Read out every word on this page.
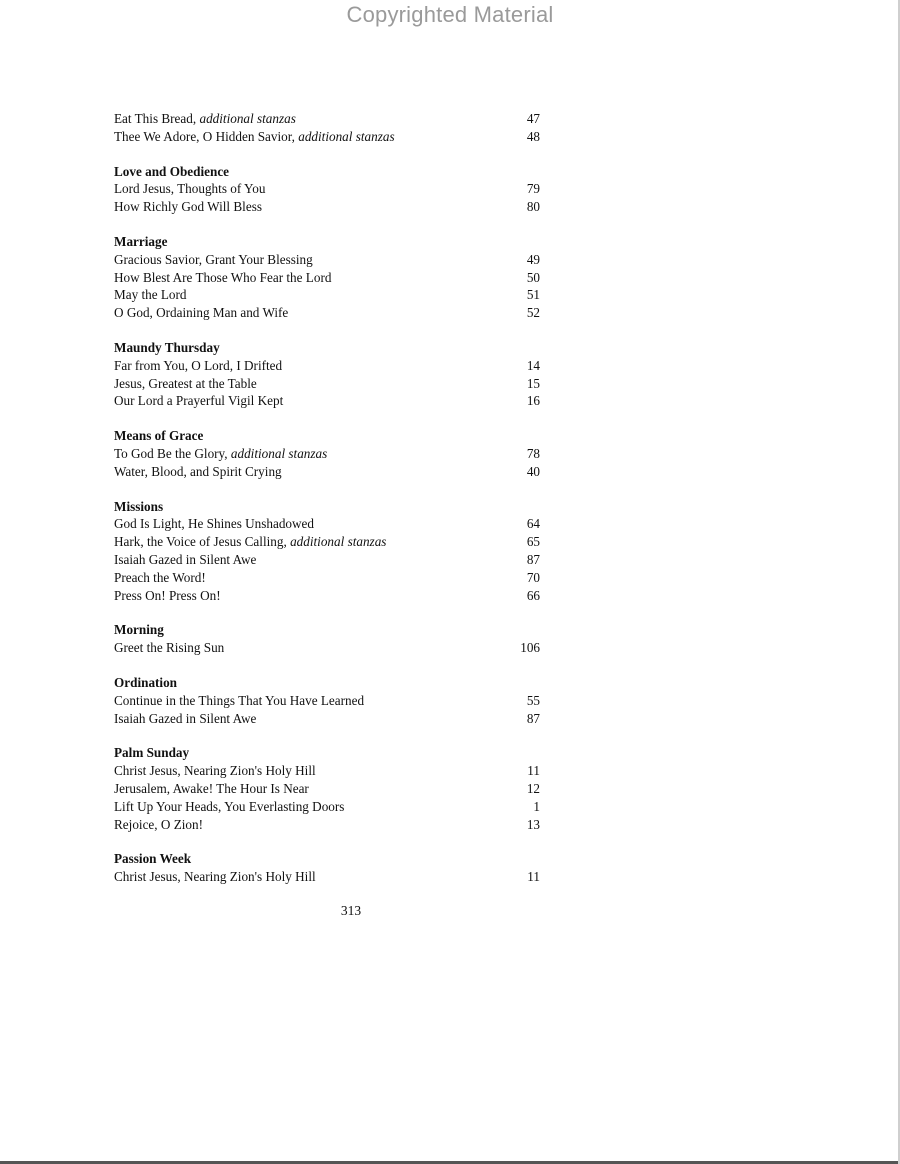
Copyrighted Material
Eat This Bread, additional stanzas	47
Thee We Adore, O Hidden Savior, additional stanzas	48
Love and Obedience
Lord Jesus, Thoughts of You	79
How Richly God Will Bless	80
Marriage
Gracious Savior, Grant Your Blessing	49
How Blest Are Those Who Fear the Lord	50
May the Lord	51
O God, Ordaining Man and Wife	52
Maundy Thursday
Far from You, O Lord, I Drifted	14
Jesus, Greatest at the Table	15
Our Lord a Prayerful Vigil Kept	16
Means of Grace
To God Be the Glory, additional stanzas	78
Water, Blood, and Spirit Crying	40
Missions
God Is Light, He Shines Unshadowed	64
Hark, the Voice of Jesus Calling, additional stanzas	65
Isaiah Gazed in Silent Awe	87
Preach the Word!	70
Press On! Press On!	66
Morning
Greet the Rising Sun	106
Ordination
Continue in the Things That You Have Learned	55
Isaiah Gazed in Silent Awe	87
Palm Sunday
Christ Jesus, Nearing Zion's Holy Hill	11
Jerusalem, Awake! The Hour Is Near	12
Lift Up Your Heads, You Everlasting Doors	1
Rejoice, O Zion!	13
Passion Week
Christ Jesus, Nearing Zion's Holy Hill	11
313
